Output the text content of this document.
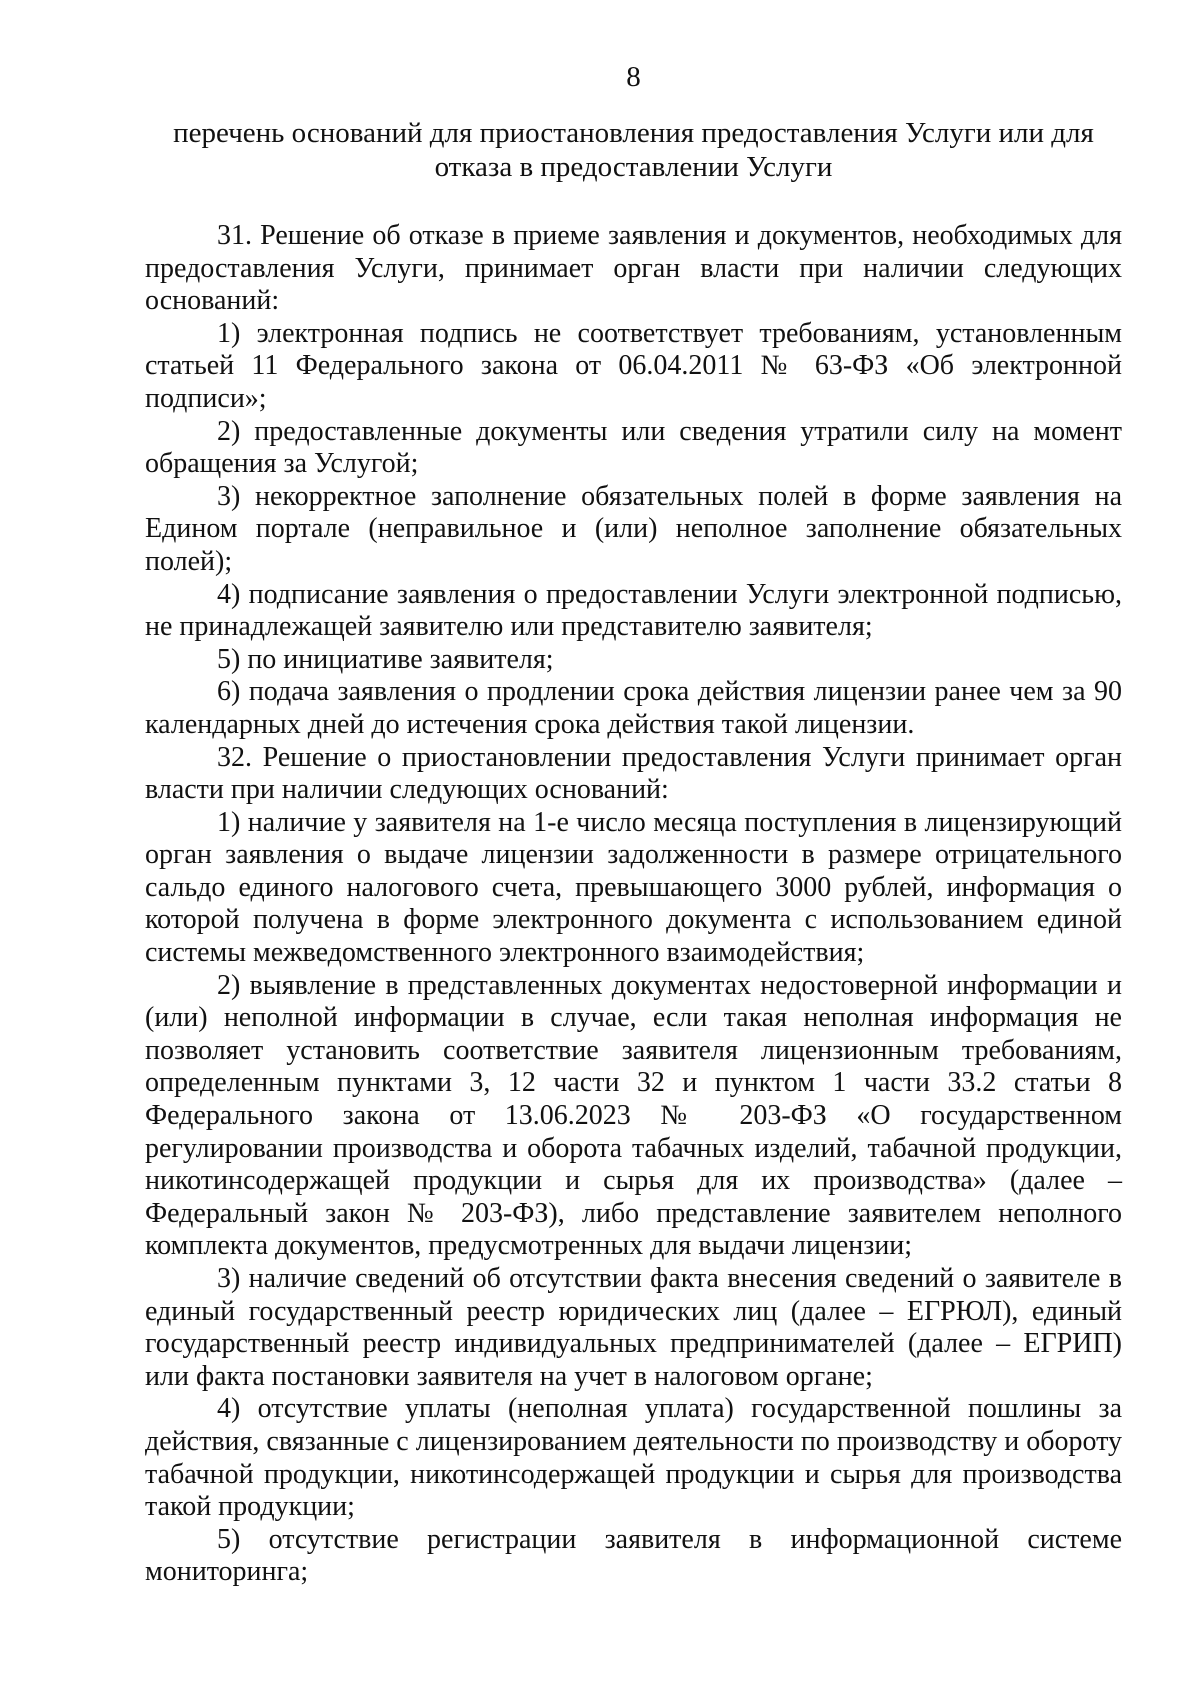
8
перечень оснований для приостановления предоставления Услуги или для отказа в предоставлении Услуги

31. Решение об отказе в приеме заявления и документов, необходимых для предоставления Услуги, принимает орган власти при наличии следующих оснований:

1) электронная подпись не соответствует требованиям, установленным статьей 11 Федерального закона от 06.04.2011 № 63-ФЗ «Об электронной подписи»;

2) предоставленные документы или сведения утратили силу на момент обращения за Услугой;

3) некорректное заполнение обязательных полей в форме заявления на Едином портале (неправильное и (или) неполное заполнение обязательных полей);

4) подписание заявления о предоставлении Услуги электронной подписью, не принадлежащей заявителю или представителю заявителя;

5) по инициативе заявителя;

6) подача заявления о продлении срока действия лицензии ранее чем за 90 календарных дней до истечения срока действия такой лицензии.

32. Решение о приостановлении предоставления Услуги принимает орган власти при наличии следующих оснований:

1) наличие у заявителя на 1-е число месяца поступления в лицензирующий орган заявления о выдаче лицензии задолженности в размере отрицательного сальдо единого налогового счета, превышающего 3000 рублей, информация о которой получена в форме электронного документа с использованием единой системы межведомственного электронного взаимодействия;

2) выявление в представленных документах недостоверной информации и (или) неполной информации в случае, если такая неполная информация не позволяет установить соответствие заявителя лицензионным требованиям, определенным пунктами 3, 12 части 32 и пунктом 1 части 33.2 статьи 8 Федерального закона от 13.06.2023 № 203-ФЗ «О государственном регулировании производства и оборота табачных изделий, табачной продукции, никотинсодержащей продукции и сырья для их производства» (далее – Федеральный закон № 203-ФЗ), либо представление заявителем неполного комплекта документов, предусмотренных для выдачи лицензии;

3) наличие сведений об отсутствии факта внесения сведений о заявителе в единый государственный реестр юридических лиц (далее – ЕГРЮЛ), единый государственный реестр индивидуальных предпринимателей (далее – ЕГРИП) или факта постановки заявителя на учет в налоговом органе;

4) отсутствие уплаты (неполная уплата) государственной пошлины за действия, связанные с лицензированием деятельности по производству и обороту табачной продукции, никотинсодержащей продукции и сырья для производства такой продукции;

5) отсутствие регистрации заявителя в информационной системе мониторинга;
